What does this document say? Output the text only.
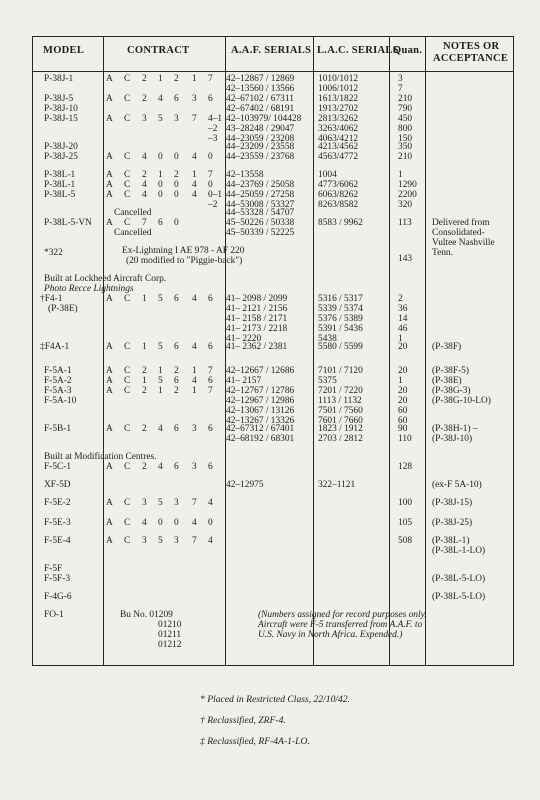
MODEL	CONTRACT	A.A.F. SERIALS L.A.C. SERIALS
Quan. NOTES OR
ACCEPTANCE
P-38J-1
P-38J-5
P-38J-10
P-38J-15
P-38J-20
P-38J-25
P-38L-1
P-38L-1
P-38L-5
P-38L-5-VN
*322
Built at Lockheed Aircraft Corp.
Photo Recce Lightnings
†F4-1
(P-38E)
‡F4A-1
F-5A-1
F-5A-2
F-5A-3
F-5A-10
F-5B-1
Built at Modification Centres.
F-5C-1
XF-5D
F-5E-2
F-5E-3
F-5E-4
F-5F
F-5F-3
F-4G-6
FO-1
Cancelled
Cancelled
Ex-Lightning I AE 978 - AF 220
(20 modified to "Piggie-back")
Bu No. 01209
01210
01211
01212
(Numbers assigned for record purposes only.
Aircraft were F-5 transferred from A.A.F. to
U.S. Navy in North Africa. Expended.)
A C 2 1 2 1 7
A C 2 4 6 3 6
A C 3 5 3 7 4–1
–2
–3
A C 4 0 0 4 0
A C 2 1 2 1 7
A C 4 0 0 4 0
A C 4 0 0 4 0–1
–2
A C 7 6 0
A C 1 5 6 4 6
A C 1 5 6 4 6
A C 2 1 2 1 7
A C 1 5 6 4 6
A C 2 1 2 1 7
A C 2 4 6 3 6
A C 2 4 6 3 6
A C 3 5 3 7 4
A C 4 0 0 4 0
A C 3 5 3 7 4
42–12867 / 12869
42–13560 / 13566
42–67102 / 67311
42–67402 / 68191
42–103979/ 104428
43–28248 / 29047
44–23059 / 23208
44–23209 / 23558
44–23559 / 23768
42–13558
44–23769 / 25058
44–25059 / 27258
44–53008 / 53327
44–53328 / 54707
45–50226 / 50338
45–50339 / 52225
41– 2098 / 2099
41– 2121 / 2156
41– 2158 / 2171
41– 2173 / 2218
41– 2220
41– 2362 / 2381
42–12667 / 12686
41– 2157
42–12767 / 12786
42–12967 / 12986
42–13067 / 13126
42–13267 / 13326
42–67312 / 67401
42–68192 / 68301
42–12975
1010/1012
1006/1012
1613/1822
1913/2702
2813/3262
3263/4062
4063/4212
4213/4562
4563/4772
1004
4773/6062
6063/8262
8263/8582
8583 / 9962
5316 / 5317
5339 / 5374
5376 / 5389
5391 / 5436
5438
5580 / 5599
7101 / 7120
5375
7201 / 7220
1113 / 1132
7501 / 7560
7601 / 7660
1823 / 1912
2703 / 2812
322–1121
3
7
210
790
450
800
150
350
210
1
1290
2200
320
113
143
2
36
14
46
1
20
20
1
20
20
60
60
90
110
128
100
105
508
Delivered from
Consolidated-
Vultee Nashville
Tenn.
(P-38F)
(P-38F-5)
(P-38E)
(P-38G-3)
(P-38G-10-LO)
(P-38H-1) –
(P-38J-10)
(ex-F 5A-10)
(P-38J-15)
(P-38J-25)
(P-38L-1)
(P-38L-1-LO)
(P-38L-5-LO)
(P-38L-5-LO)
* Placed in Restricted Class, 22/10/42.
† Reclassified, ZRF-4.
‡ Reclassified, RF-4A-1-LO.
